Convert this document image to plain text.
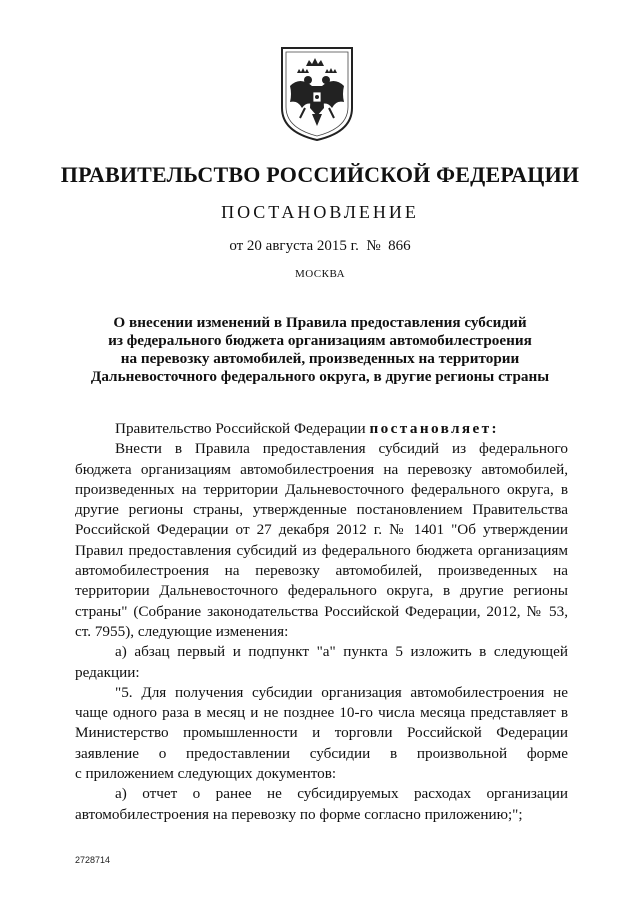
ПРАВИТЕЛЬСТВО РОССИЙСКОЙ ФЕДЕРАЦИИ
ПОСТАНОВЛЕНИЕ
от 20 августа 2015 г.  №  866
МОСКВА
О внесении изменений в Правила предоставления субсидий
из федерального бюджета организациям автомобилестроения
на перевозку автомобилей, произведенных на территории
Дальневосточного федерального округа, в другие регионы страны
Правительство Российской Федерации постановляет:
Внести в Правила предоставления субсидий из федерального
бюджета организациям автомобилестроения на перевозку автомобилей,
произведенных на территории Дальневосточного федерального округа, в
другие регионы страны, утвержденные постановлением Правительства
Российской Федерации от 27 декабря 2012 г. № 1401 "Об утверждении
Правил предоставления субсидий из федерального бюджета организациям
автомобилестроения на перевозку автомобилей, произведенных на
территории Дальневосточного федерального округа, в другие регионы
страны" (Собрание законодательства Российской Федерации, 2012, № 53,
ст. 7955), следующие изменения:
а) абзац первый и подпункт "а" пункта 5 изложить в следующей
редакции:
"5. Для получения субсидии организация автомобилестроения не
чаще одного раза в месяц и не позднее 10-го числа месяца представляет в
Министерство промышленности и торговли Российской Федерации
заявление о предоставлении субсидии в произвольной форме
с приложением следующих документов:
а) отчет о ранее не субсидируемых расходах организации
автомобилестроения на перевозку по форме согласно приложению;";
2728714
